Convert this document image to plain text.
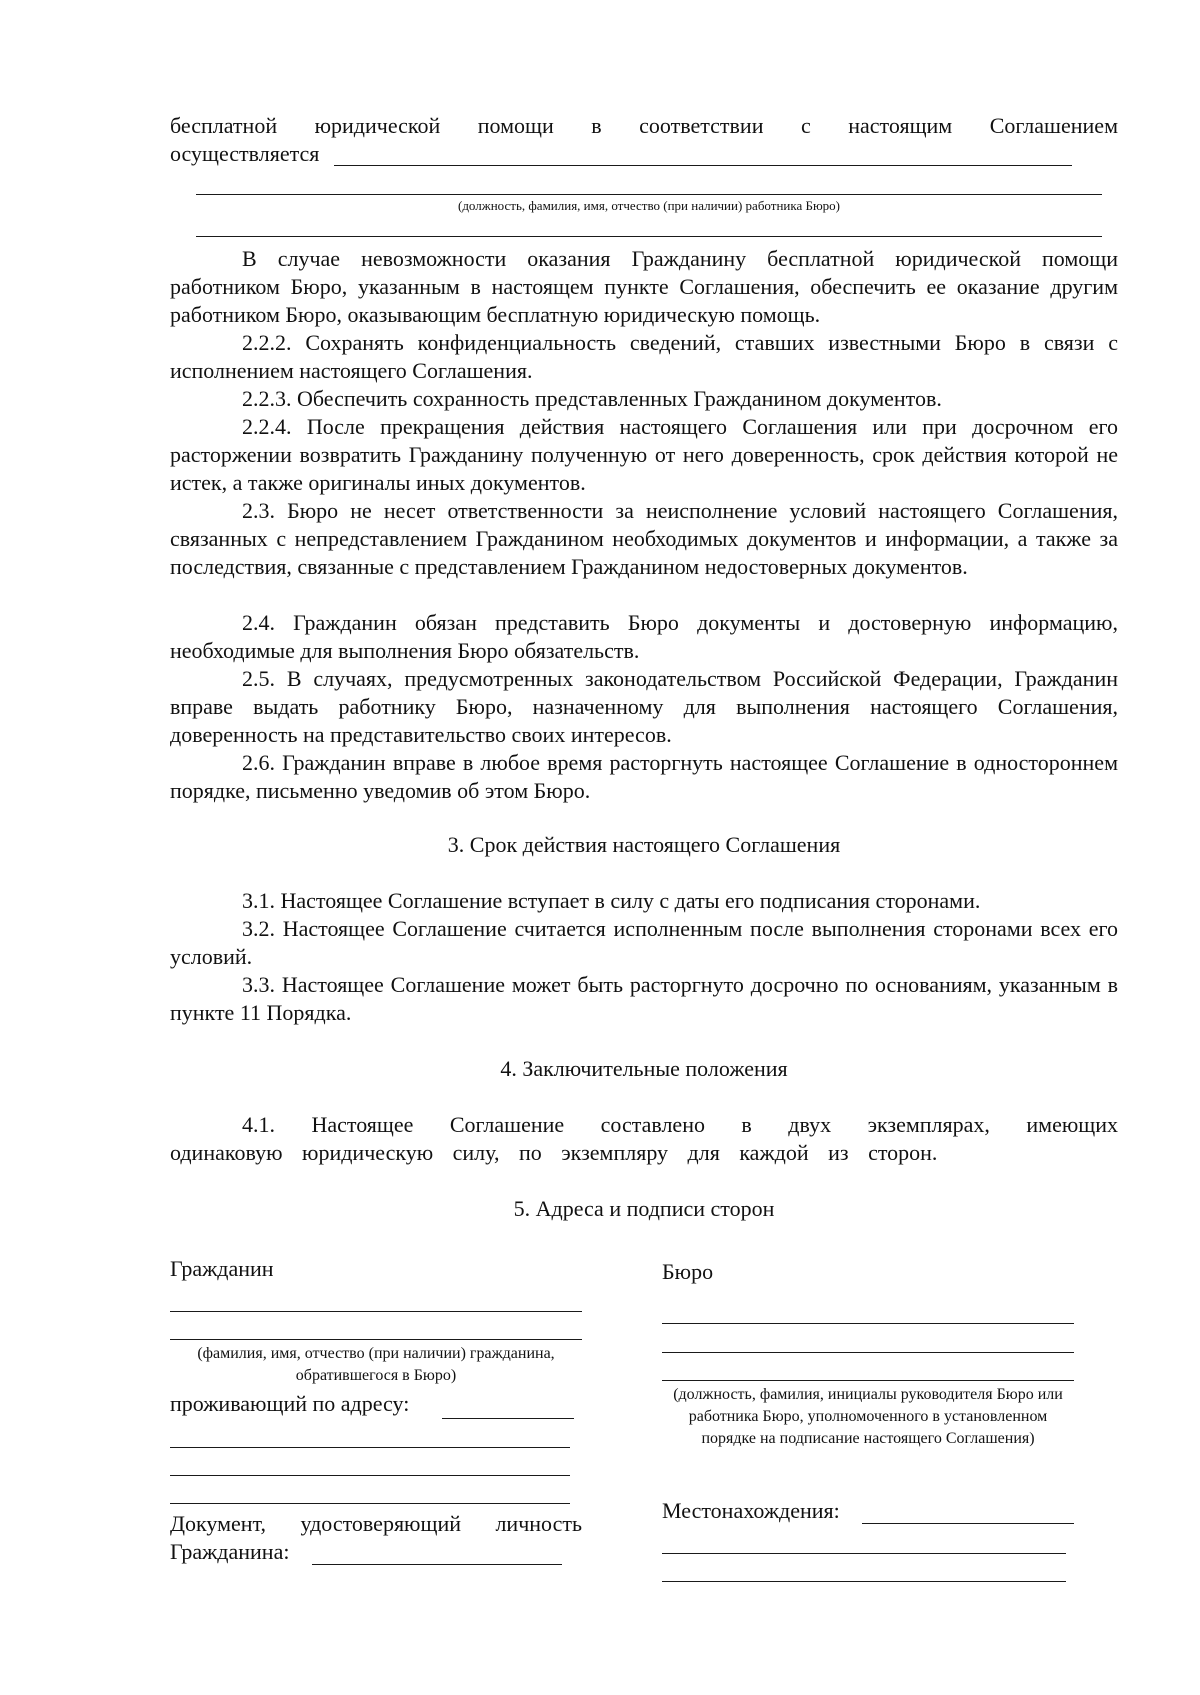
бесплатной юридической помощи в соответствии с настоящим Соглашением
осуществляется
(должность, фамилия, имя, отчество (при наличии) работника Бюро)
В случае невозможности оказания Гражданину бесплатной юридической помощи работником Бюро, указанным в настоящем пункте Соглашения, обеспечить ее оказание другим работником Бюро, оказывающим бесплатную юридическую помощь.
2.2.2. Сохранять конфиденциальность сведений, ставших известными Бюро в связи с исполнением настоящего Соглашения.
2.2.3. Обеспечить сохранность представленных Гражданином документов.
2.2.4. После прекращения действия настоящего Соглашения или при досрочном его расторжении возвратить Гражданину полученную от него доверенность, срок действия которой не истек, а также оригиналы иных документов.
2.3. Бюро не несет ответственности за неисполнение условий настоящего Соглашения, связанных с непредставлением Гражданином необходимых документов и информации, а также за последствия, связанные с представлением Гражданином недостоверных документов.
2.4. Гражданин обязан представить Бюро документы и достоверную информацию, необходимые для выполнения Бюро обязательств.
2.5. В случаях, предусмотренных законодательством Российской Федерации, Гражданин вправе выдать работнику Бюро, назначенному для выполнения настоящего Соглашения, доверенность на представительство своих интересов.
2.6. Гражданин вправе в любое время расторгнуть настоящее Соглашение в одностороннем порядке, письменно уведомив об этом Бюро.
3. Срок действия настоящего Соглашения
3.1. Настоящее Соглашение вступает в силу с даты его подписания сторонами.
3.2. Настоящее Соглашение считается исполненным после выполнения сторонами всех его условий.
3.3. Настоящее Соглашение может быть расторгнуто досрочно по основаниям, указанным в пункте 11 Порядка.
4. Заключительные положения
4.1. Настоящее Соглашение составлено в двух экземплярах, имеющих одинаковую юридическую силу, по экземпляру для каждой из сторон.
5. Адреса и подписи сторон
Гражданин
(фамилия, имя, отчество (при наличии) гражданина, обратившегося в Бюро)
проживающий по адресу:
Документ, удостоверяющий личность
Гражданина:
Бюро
(должность, фамилия, инициалы руководителя Бюро или работника Бюро, уполномоченного в установленном порядке на подписание настоящего Соглашения)
Местонахождения:
